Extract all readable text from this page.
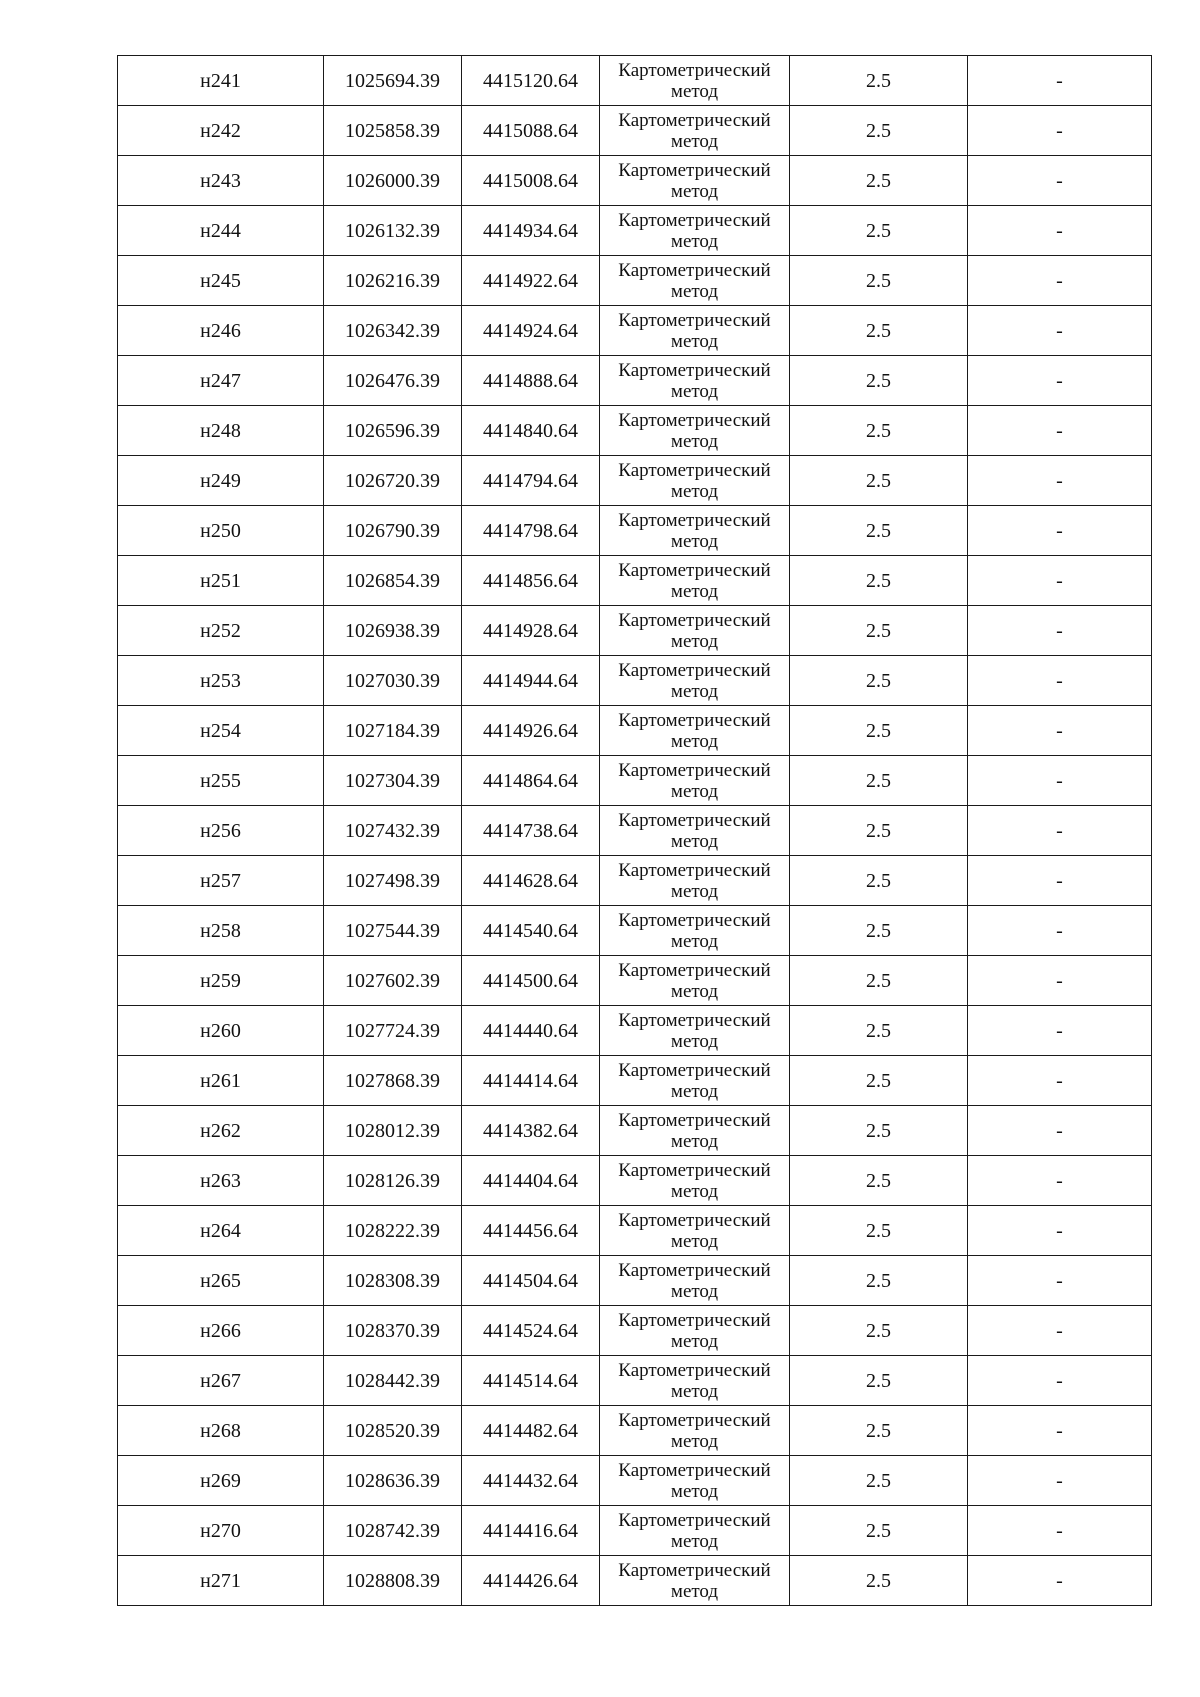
н241	1025694.39	4415120.64	Картометрический метод	2.5	-
н242	1025858.39	4415088.64	Картометрический метод	2.5	-
н243	1026000.39	4415008.64	Картометрический метод	2.5	-
н244	1026132.39	4414934.64	Картометрический метод	2.5	-
н245	1026216.39	4414922.64	Картометрический метод	2.5	-
н246	1026342.39	4414924.64	Картометрический метод	2.5	-
н247	1026476.39	4414888.64	Картометрический метод	2.5	-
н248	1026596.39	4414840.64	Картометрический метод	2.5	-
н249	1026720.39	4414794.64	Картометрический метод	2.5	-
н250	1026790.39	4414798.64	Картометрический метод	2.5	-
н251	1026854.39	4414856.64	Картометрический метод	2.5	-
н252	1026938.39	4414928.64	Картометрический метод	2.5	-
н253	1027030.39	4414944.64	Картометрический метод	2.5	-
н254	1027184.39	4414926.64	Картометрический метод	2.5	-
н255	1027304.39	4414864.64	Картометрический метод	2.5	-
н256	1027432.39	4414738.64	Картометрический метод	2.5	-
н257	1027498.39	4414628.64	Картометрический метод	2.5	-
н258	1027544.39	4414540.64	Картометрический метод	2.5	-
н259	1027602.39	4414500.64	Картометрический метод	2.5	-
н260	1027724.39	4414440.64	Картометрический метод	2.5	-
н261	1027868.39	4414414.64	Картометрический метод	2.5	-
н262	1028012.39	4414382.64	Картометрический метод	2.5	-
н263	1028126.39	4414404.64	Картометрический метод	2.5	-
н264	1028222.39	4414456.64	Картометрический метод	2.5	-
н265	1028308.39	4414504.64	Картометрический метод	2.5	-
н266	1028370.39	4414524.64	Картометрический метод	2.5	-
н267	1028442.39	4414514.64	Картометрический метод	2.5	-
н268	1028520.39	4414482.64	Картометрический метод	2.5	-
н269	1028636.39	4414432.64	Картометрический метод	2.5	-
н270	1028742.39	4414416.64	Картометрический метод	2.5	-
н271	1028808.39	4414426.64	Картометрический метод	2.5	-
